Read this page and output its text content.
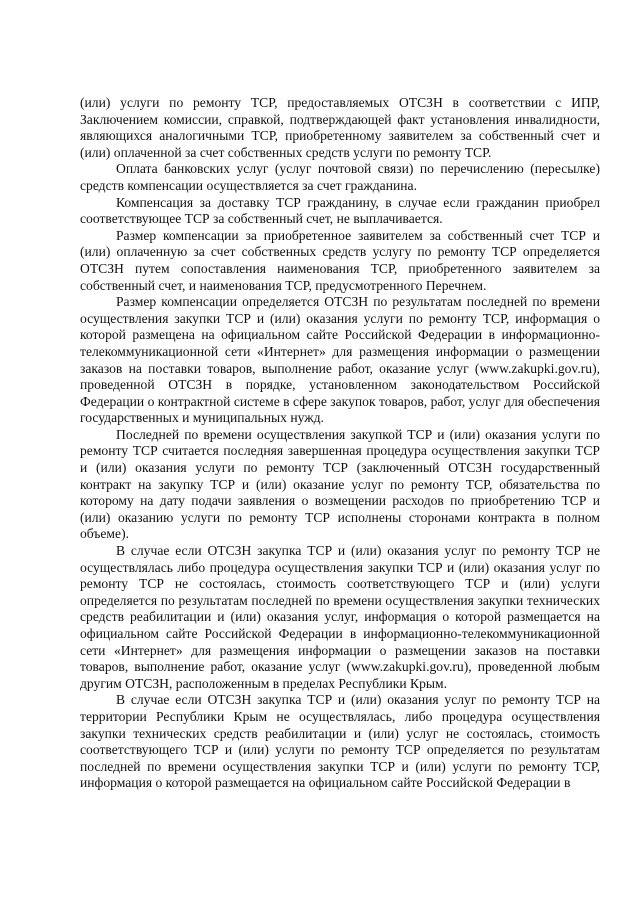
(или) услуги по ремонту ТСР, предоставляемых ОТСЗН в соответствии с ИПР, Заключением комиссии, справкой, подтверждающей факт установления инвалидности, являющихся аналогичными ТСР, приобретенному заявителем за собственный счет и (или) оплаченной за счет собственных средств услуги по ремонту ТСР.

Оплата банковских услуг (услуг почтовой связи) по перечислению (пересылке) средств компенсации осуществляется за счет гражданина.

Компенсация за доставку ТСР гражданину, в случае если гражданин приобрел соответствующее ТСР за собственный счет, не выплачивается.

Размер компенсации за приобретенное заявителем за собственный счет ТСР и (или) оплаченную за счет собственных средств услугу по ремонту ТСР определяется ОТСЗН путем сопоставления наименования ТСР, приобретенного заявителем за собственный счет, и наименования ТСР, предусмотренного Перечнем.

Размер компенсации определяется ОТСЗН по результатам последней по времени осуществления закупки ТСР и (или) оказания услуги по ремонту ТСР, информация о которой размещена на официальном сайте Российской Федерации в информационно-телекоммуникационной сети «Интернет» для размещения информации о размещении заказов на поставки товаров, выполнение работ, оказание услуг (www.zakupki.gov.ru), проведенной ОТСЗН в порядке, установленном законодательством Российской Федерации о контрактной системе в сфере закупок товаров, работ, услуг для обеспечения государственных и муниципальных нужд.

Последней по времени осуществления закупкой ТСР и (или) оказания услуги по ремонту ТСР считается последняя завершенная процедура осуществления закупки ТСР и (или) оказания услуги по ремонту ТСР (заключенный ОТСЗН государственный контракт на закупку ТСР и (или) оказание услуг по ремонту ТСР, обязательства по которому на дату подачи заявления о возмещении расходов по приобретению ТСР и (или) оказанию услуги по ремонту ТСР исполнены сторонами контракта в полном объеме).

В случае если ОТСЗН закупка ТСР и (или) оказания услуг по ремонту ТСР не осуществлялась либо процедура осуществления закупки ТСР и (или) оказания услуг по ремонту ТСР не состоялась, стоимость соответствующего ТСР и (или) услуги определяется по результатам последней по времени осуществления закупки технических средств реабилитации и (или) оказания услуг, информация о которой размещается на официальном сайте Российской Федерации в информационно-телекоммуникационной сети «Интернет» для размещения информации о размещении заказов на поставки товаров, выполнение работ, оказание услуг (www.zakupki.gov.ru), проведенной любым другим ОТСЗН, расположенным в пределах Республики Крым.

В случае если ОТСЗН закупка ТСР и (или) оказания услуг по ремонту ТСР на территории Республики Крым не осуществлялась, либо процедура осуществления закупки технических средств реабилитации и (или) услуг не состоялась, стоимость соответствующего ТСР и (или) услуги по ремонту ТСР определяется по результатам последней по времени осуществления закупки ТСР и (или) услуги по ремонту ТСР, информация о которой размещается на официальном сайте Российской Федерации в
